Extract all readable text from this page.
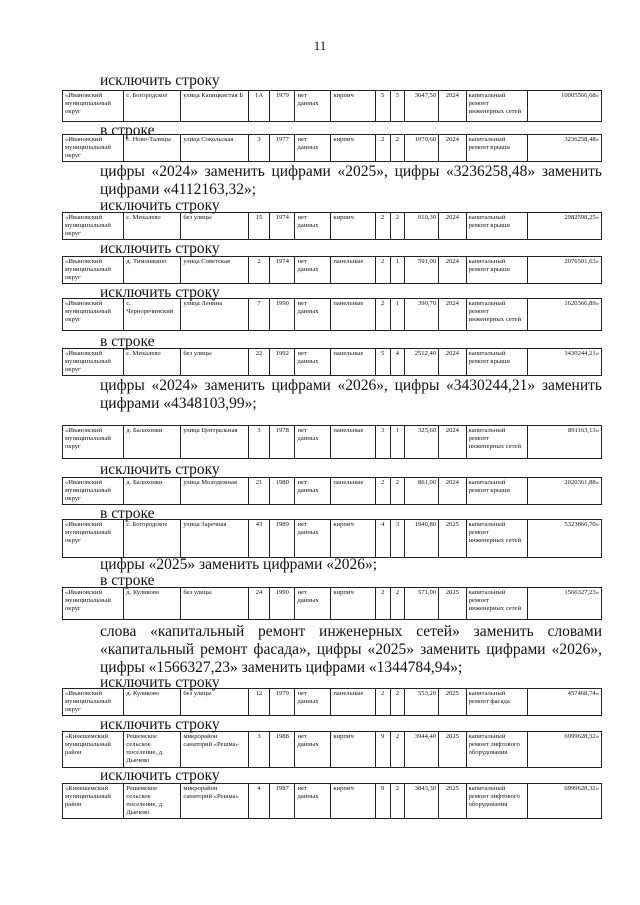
11
исключить строку
«Ивановский муниципальный округ	с. Богородское	улица Капицкистая Б	1А	1979	нет данных	кирпич	5	5	3647,50	2024	капитальный ремонт инженерных сетей	10005566,68»
в строке
«Ивановский муниципальный округ	с. Ново-Талицы	улица Сокольская	3	1977	нет данных	кирпич	2	2	1070,60	2024	капитальный ремонт крыши	3236258,48»
цифры «2024» заменить цифрами «2025», цифры «3236258,48» заменить цифрами «4112163,32»;
исключить строку
«Ивановский муниципальный округ	с. Михалево	без улицы	15	1974	нет данных	кирпич	2	2	010,30	2024	капитальный ремонт крыши	2982598,25»
исключить строку
«Ивановский муниципальный округ	д. Тимошкино	улица Советская	2	1974	нет данных	панельные	2	1	591,00	2024	капитальный ремонт крыши	2076501,63»
исключить строку
«Ивановский муниципальный округ	с. Черноречинский	улица Ленина	7	1990	нет данных	панельные	2	1	390,70	2024	капитальный ремонт инженерных сетей	1620366,89»
в строке
«Ивановский муниципальный округ	с. Михалево	без улицы	22	1992	нет данных	панельные	5	4	2512,40	2024	капитальный ремонт крыши	3430244,21»
цифры «2024» заменить цифрами «2026», цифры «3430244,21» заменить цифрами «4348103,99»;
«Ивановский муниципальный округ	д. Балахонки	улица Центральная	3	1978	нет данных	панельные	3	1	325,60	2024	капитальный ремонт инженерных сетей	891163,13»
исключить строку
«Ивановский муниципальный округ	д. Балахонки	улица Молодежная	21	1980	нет данных	панельные	2	2	861,00	2024	капитальный ремонт крыши	2020361,88»
в строке
«Ивановский муниципальный округ	с. Богородское	улица Заречная	43	1989	нет данных	кирпич	4	3	1940,80	2025	капитальный ремонт инженерных сетей	5323866,70»
цифры «2025» заменить цифрами «2026»;
в строке
«Ивановский муниципальный округ	д. Куликово	без улицы	24	1990	нет данных	кирпич	2	2	571,00	2025	капитальный ремонт инженерных сетей	1566327,23»
слова «капитальный ремонт инженерных сетей» заменить словами «капитальный ремонт фасада», цифры «2025» заменить цифрами «2026», цифры «1566327,23» заменить цифрами «1344784,94»;
исключить строку
«Ивановский муниципальный округ	д. Куликово	без улицы	12	1979	нет данных	панельные	2	2	553,20	2025	капитальный ремонт фасада	457468,74»
исключить строку
«Кинешемский муниципальный район	Решемское сельское поселение, д. Дьячево	микрорайон санаторий «Решма»	3	1988	нет данных	кирпич	9	2	3944,40	2025	капитальный ремонт лифтового оборудования	6999628,32»
исключить строку
«Кинешемский муниципальный район	Решемское сельское поселение, д. Дьячево	микрорайон санаторий «Решма»	4	1987	нет данных	кирпич	9	2	3843,30	2025	капитальный ремонт лифтового оборудования	6999628,32»
